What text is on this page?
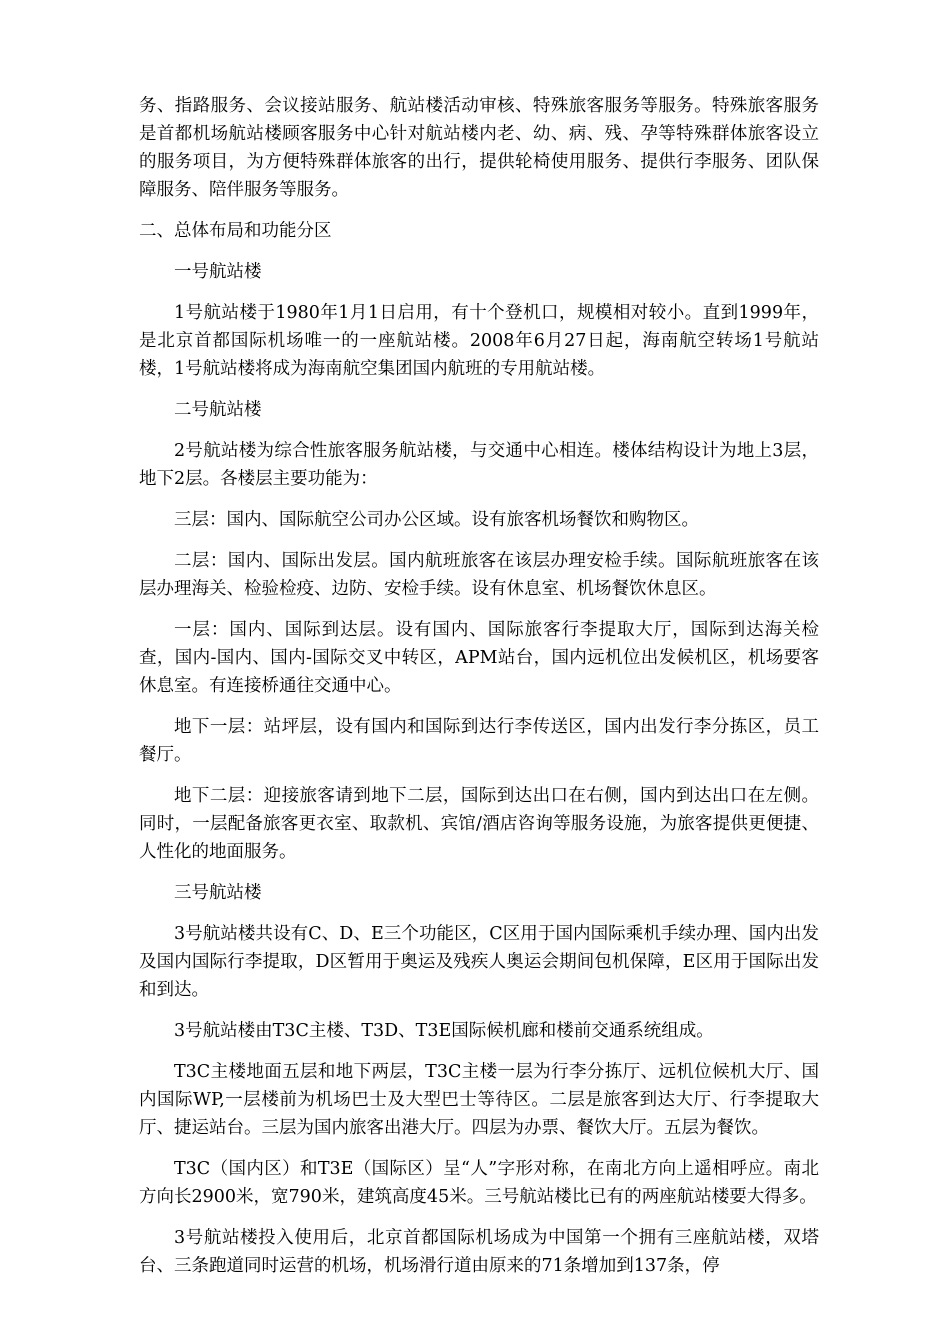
务、指路服务、会议接站服务、航站楼活动审核、特殊旅客服务等服务。特殊旅客服务是首都机场航站楼顾客服务中心针对航站楼内老、幼、病、残、孕等特殊群体旅客设立的服务项目，为方便特殊群体旅客的出行，提供轮椅使用服务、提供行李服务、团队保障服务、陪伴服务等服务。

二、总体布局和功能分区

一号航站楼

1号航站楼于1980年1月1日启用，有十个登机口，规模相对较小。直到1999年，是北京首都国际机场唯一的一座航站楼。2008年6月27日起，海南航空转场1号航站楼，1号航站楼将成为海南航空集团国内航班的专用航站楼。

二号航站楼

2号航站楼为综合性旅客服务航站楼，与交通中心相连。楼体结构设计为地上3层，地下2层。各楼层主要功能为：

三层：国内、国际航空公司办公区域。设有旅客机场餐饮和购物区。

二层：国内、国际出发层。国内航班旅客在该层办理安检手续。国际航班旅客在该层办理海关、检验检疫、边防、安检手续。设有休息室、机场餐饮休息区。

一层：国内、国际到达层。设有国内、国际旅客行李提取大厅，国际到达海关检查，国内-国内、国内-国际交叉中转区，APM站台，国内远机位出发候机区，机场要客休息室。有连接桥通往交通中心。

地下一层：站坪层，设有国内和国际到达行李传送区，国内出发行李分拣区，员工餐厅。

地下二层：迎接旅客请到地下二层，国际到达出口在右侧，国内到达出口在左侧。同时，一层配备旅客更衣室、取款机、宾馆/酒店咨询等服务设施，为旅客提供更便捷、人性化的地面服务。

三号航站楼

3号航站楼共设有C、D、E三个功能区，C区用于国内国际乘机手续办理、国内出发及国内国际行李提取，D区暂用于奥运及残疾人奥运会期间包机保障，E区用于国际出发和到达。

3号航站楼由T3C主楼、T3D、T3E国际候机廊和楼前交通系统组成。

T3C主楼地面五层和地下两层，T3C主楼一层为行李分拣厅、远机位候机大厅、国内国际WP,一层楼前为机场巴士及大型巴士等待区。二层是旅客到达大厅、行李提取大厅、捷运站台。三层为国内旅客出港大厅。四层为办票、餐饮大厅。五层为餐饮。

T3C（国内区）和T3E（国际区）呈“人”字形对称，在南北方向上遥相呼应。南北方向长2900米，宽790米，建筑高度45米。三号航站楼比已有的两座航站楼要大得多。

3号航站楼投入使用后，北京首都国际机场成为中国第一个拥有三座航站楼，双塔台、三条跑道同时运营的机场，机场滑行道由原来的71条增加到137条，停
